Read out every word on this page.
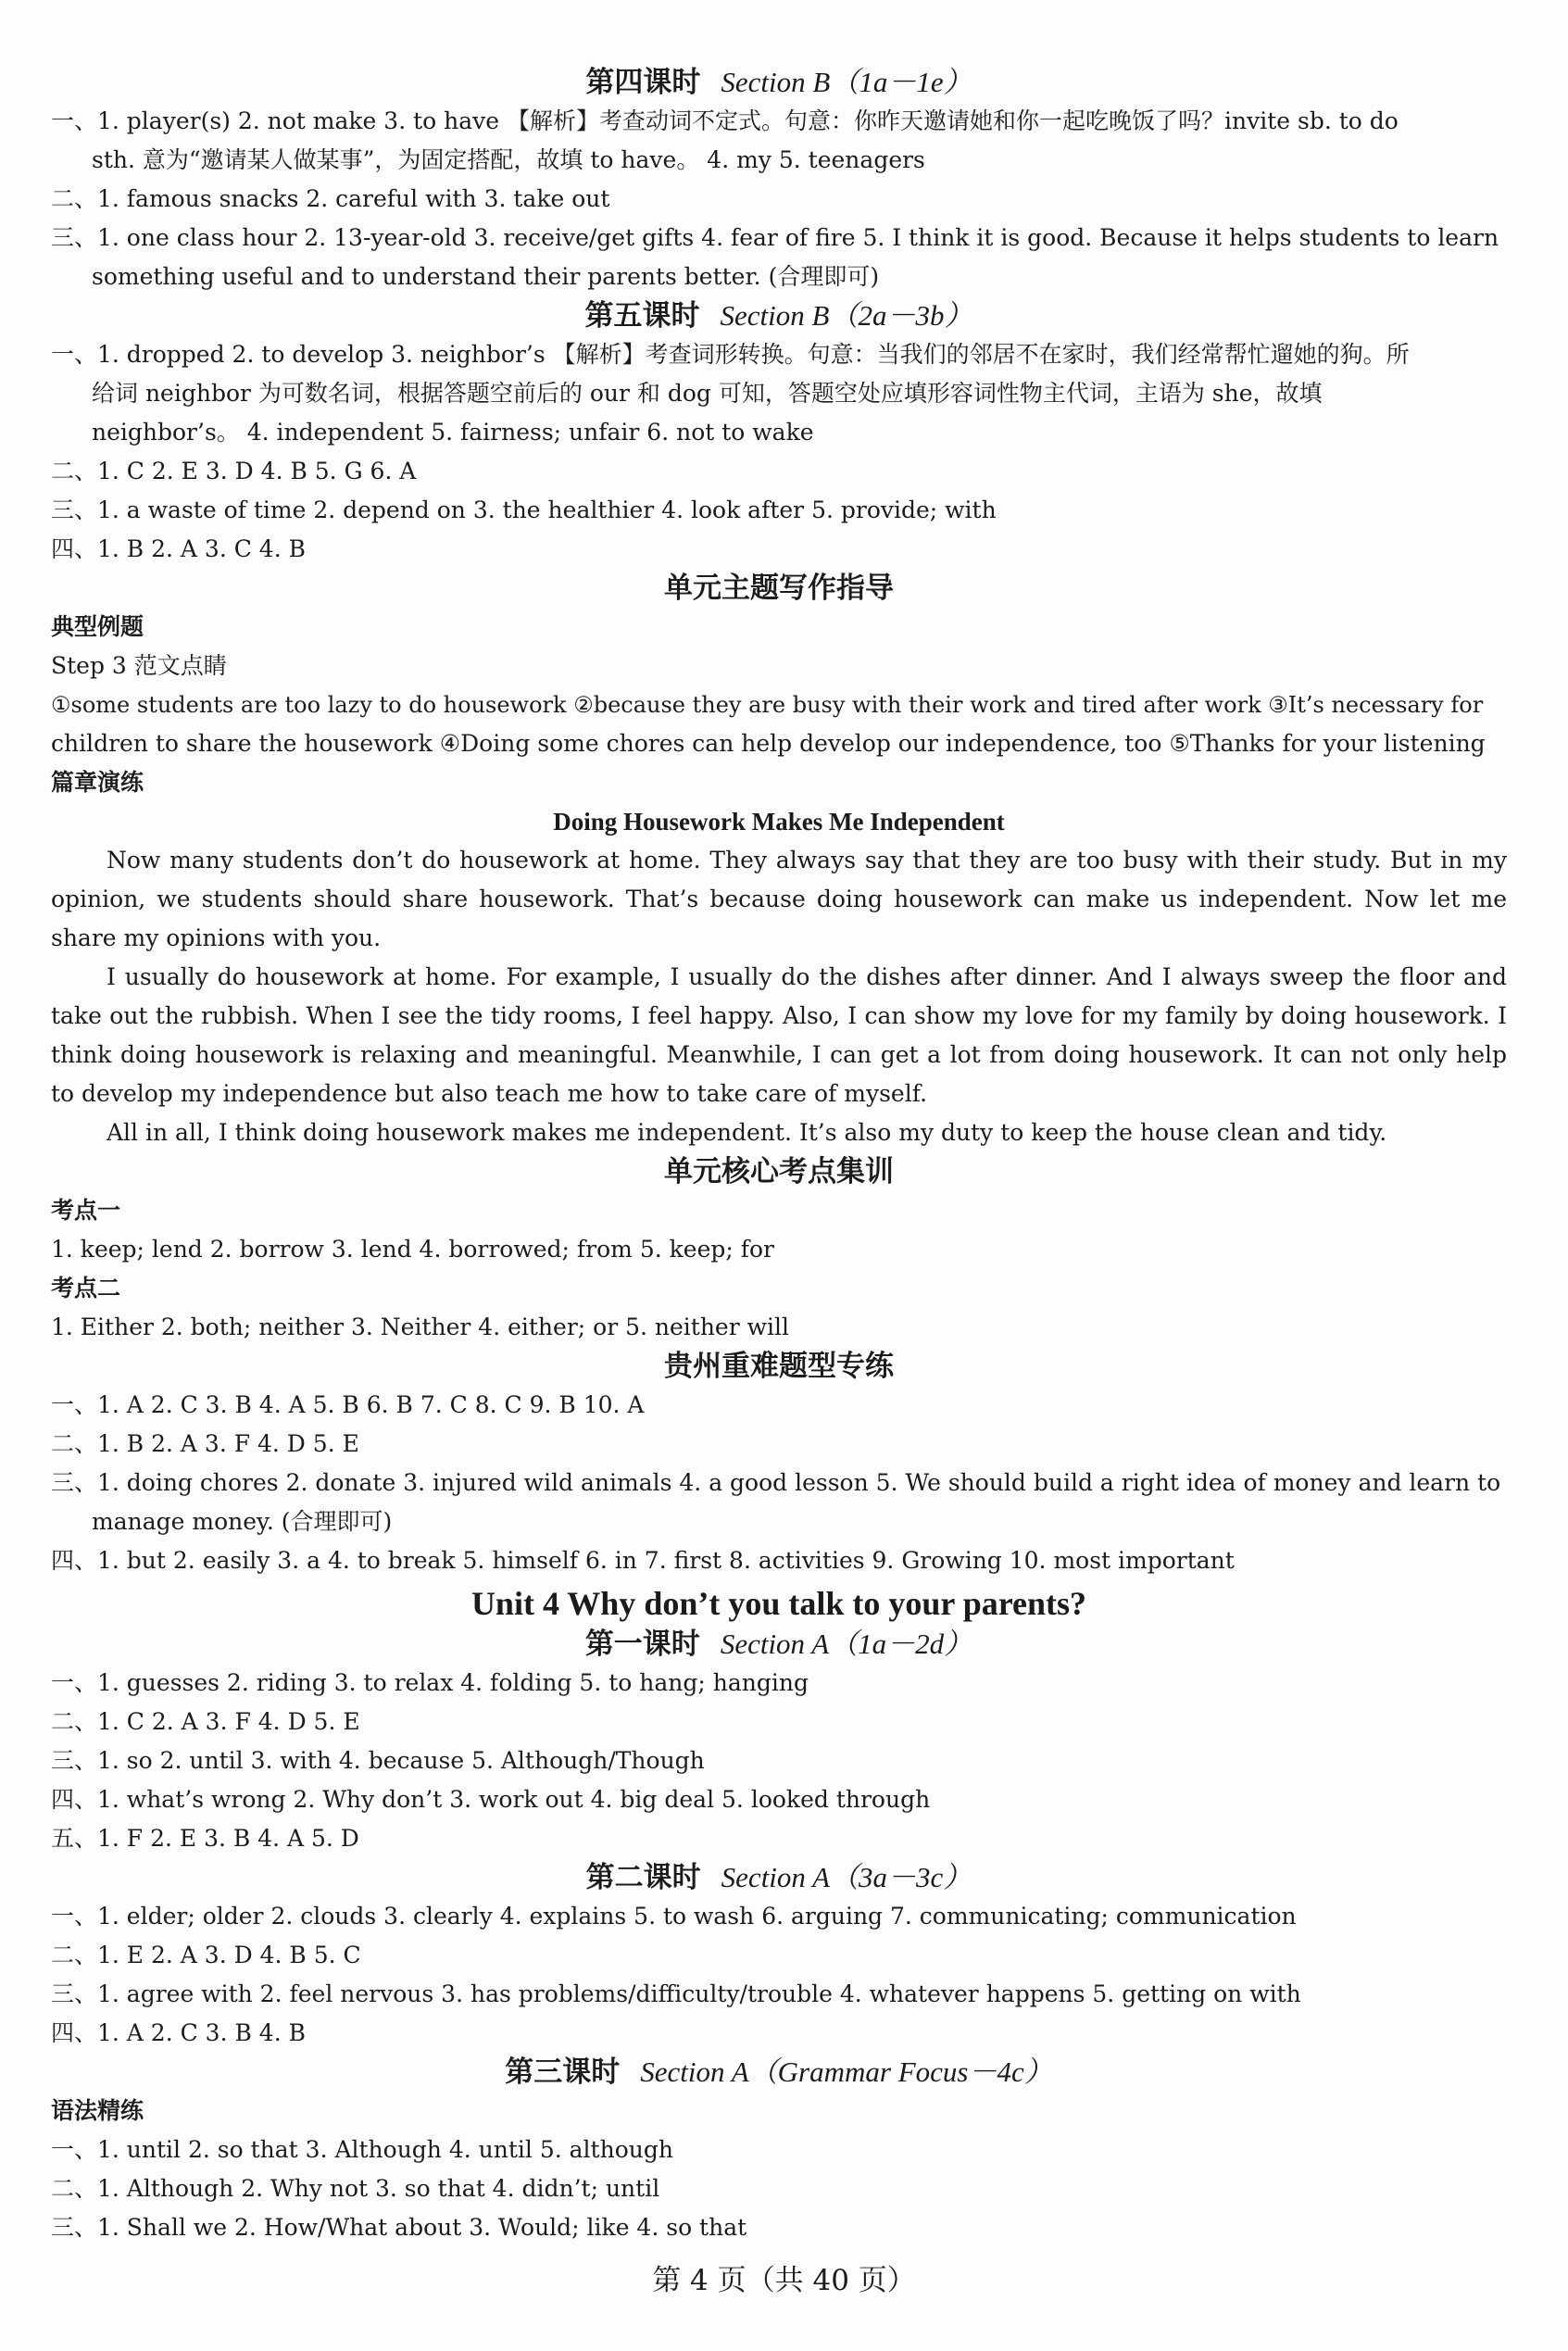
第四课时 Section B（1a－1e）
一、1. player(s) 2. not make 3. to have 【解析】考查动词不定式。句意：你昨天邀请她和你一起吃晚饭了吗？invite sb. to do
sth. 意为“邀请某人做某事”，为固定搭配，故填 to have。 4. my 5. teenagers
二、1. famous snacks 2. careful with 3. take out
三、1. one class hour 2. 13-year-old 3. receive/get gifts 4. fear of fire 5. I think it is good. Because it helps students to learn
something useful and to understand their parents better. (合理即可)
第五课时 Section B（2a－3b）
一、1. dropped 2. to develop 3. neighbor’s 【解析】考查词形转换。句意：当我们的邻居不在家时，我们经常帮忙遛她的狗。所
给词 neighbor 为可数名词，根据答题空前后的 our 和 dog 可知，答题空处应填形容词性物主代词，主语为 she，故填
neighbor’s。 4. independent 5. fairness; unfair 6. not to wake
二、1. C 2. E 3. D 4. B 5. G 6. A
三、1. a waste of time 2. depend on 3. the healthier 4. look after 5. provide; with
四、1. B 2. A 3. C 4. B
单元主题写作指导
典型例题
Step 3 范文点睛
①some students are too lazy to do housework ②because they are busy with their work and tired after work ③It’s necessary for
children to share the housework ④Doing some chores can help develop our independence, too ⑤Thanks for your listening
篇章演练
Doing Housework Makes Me Independent
Now many students don’t do housework at home. They always say that they are too busy with their study. But in my opinion, we students should share housework. That’s because doing housework can make us independent. Now let me share my opinions with you.
I usually do housework at home. For example, I usually do the dishes after dinner. And I always sweep the floor and take out the rubbish. When I see the tidy rooms, I feel happy. Also, I can show my love for my family by doing housework. I think doing housework is relaxing and meaningful. Meanwhile, I can get a lot from doing housework. It can not only help to develop my independence but also teach me how to take care of myself.
All in all, I think doing housework makes me independent. It’s also my duty to keep the house clean and tidy.
单元核心考点集训
考点一
1. keep; lend 2. borrow 3. lend 4. borrowed; from 5. keep; for
考点二
1. Either 2. both; neither 3. Neither 4. either; or 5. neither will
贵州重难题型专练
一、1. A 2. C 3. B 4. A 5. B 6. B 7. C 8. C 9. B 10. A
二、1. B 2. A 3. F 4. D 5. E
三、1. doing chores 2. donate 3. injured wild animals 4. a good lesson 5. We should build a right idea of money and learn to
manage money. (合理即可)
四、1. but 2. easily 3. a 4. to break 5. himself 6. in 7. first 8. activities 9. Growing 10. most important
Unit 4 Why don’t you talk to your parents?
第一课时 Section A（1a－2d）
一、1. guesses 2. riding 3. to relax 4. folding 5. to hang; hanging
二、1. C 2. A 3. F 4. D 5. E
三、1. so 2. until 3. with 4. because 5. Although/Though
四、1. what’s wrong 2. Why don’t 3. work out 4. big deal 5. looked through
五、1. F 2. E 3. B 4. A 5. D
第二课时 Section A（3a－3c）
一、1. elder; older 2. clouds 3. clearly 4. explains 5. to wash 6. arguing 7. communicating; communication
二、1. E 2. A 3. D 4. B 5. C
三、1. agree with 2. feel nervous 3. has problems/difficulty/trouble 4. whatever happens 5. getting on with
四、1. A 2. C 3. B 4. B
第三课时 Section A（Grammar Focus－4c）
语法精练
一、1. until 2. so that 3. Although 4. until 5. although
二、1. Although 2. Why not 3. so that 4. didn’t; until
三、1. Shall we 2. How/What about 3. Would; like 4. so that
第 4 页（共 40 页）
